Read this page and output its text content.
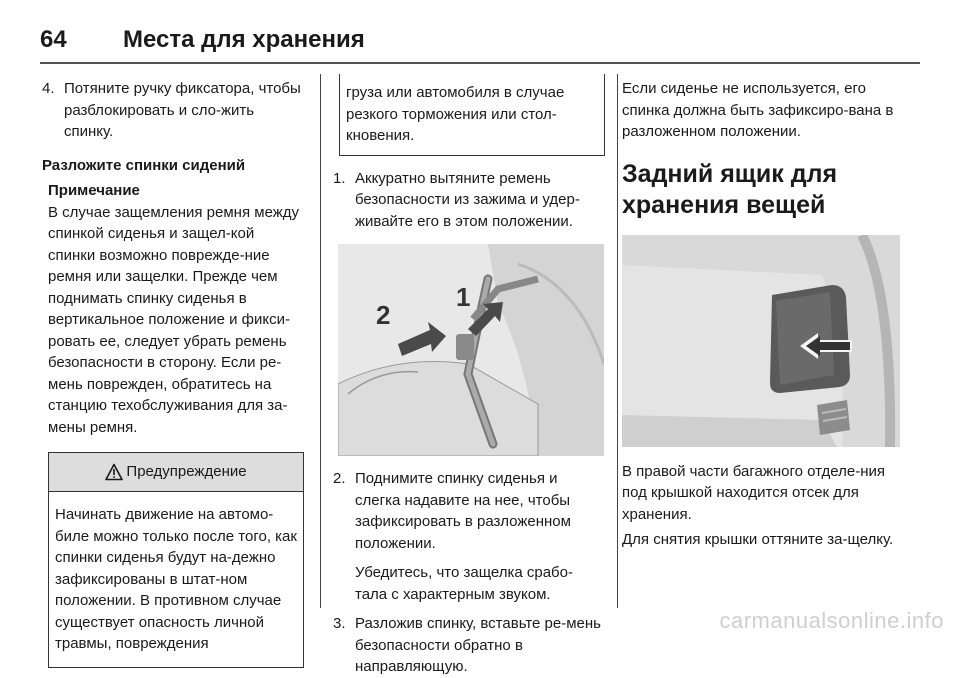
64 Места для хранения
4. Потяните ручку фиксатора, чтобы разблокировать и сло-жить спинку.

Разложите спинки сидений

Примечание

В случае защемления ремня между спинкой сиденья и защел-кой спинки возможно поврежде-ние ремня или защелки. Прежде чем поднимать спинку сиденья в вертикальное положение и фикси-ровать ее, следует убрать ремень безопасности в сторону. Если ре-мень поврежден, обратитесь на станцию техобслуживания для за-мены ремня.

Предупреждение

Начинать движение на автомо-биле можно только после того, как спинки сиденья будут на-дежно зафиксированы в штат-ном положении. В противном случае существует опасность личной травмы, повреждения

груза или автомобиля в случае резкого торможения или стол-кновения.

1. Аккуратно вытяните ремень безопасности из зажима и удер-живайте его в этом положении.

1
2
2. Поднимите спинку сиденья и слегка надавите на нее, чтобы зафиксировать в разложенном положении.

Убедитесь, что защелка срабо-тала с характерным звуком.

3. Разложив спинку, вставьте ре-мень безопасности обратно в направляющую.

Если сиденье не используется, его спинка должна быть зафиксиро-вана в разложенном положении.

Задний ящик для хранения вещей

В правой части багажного отделе-ния под крышкой находится отсек для хранения.

Для снятия крышки оттяните за-щелку.

carmanualsonline.info
